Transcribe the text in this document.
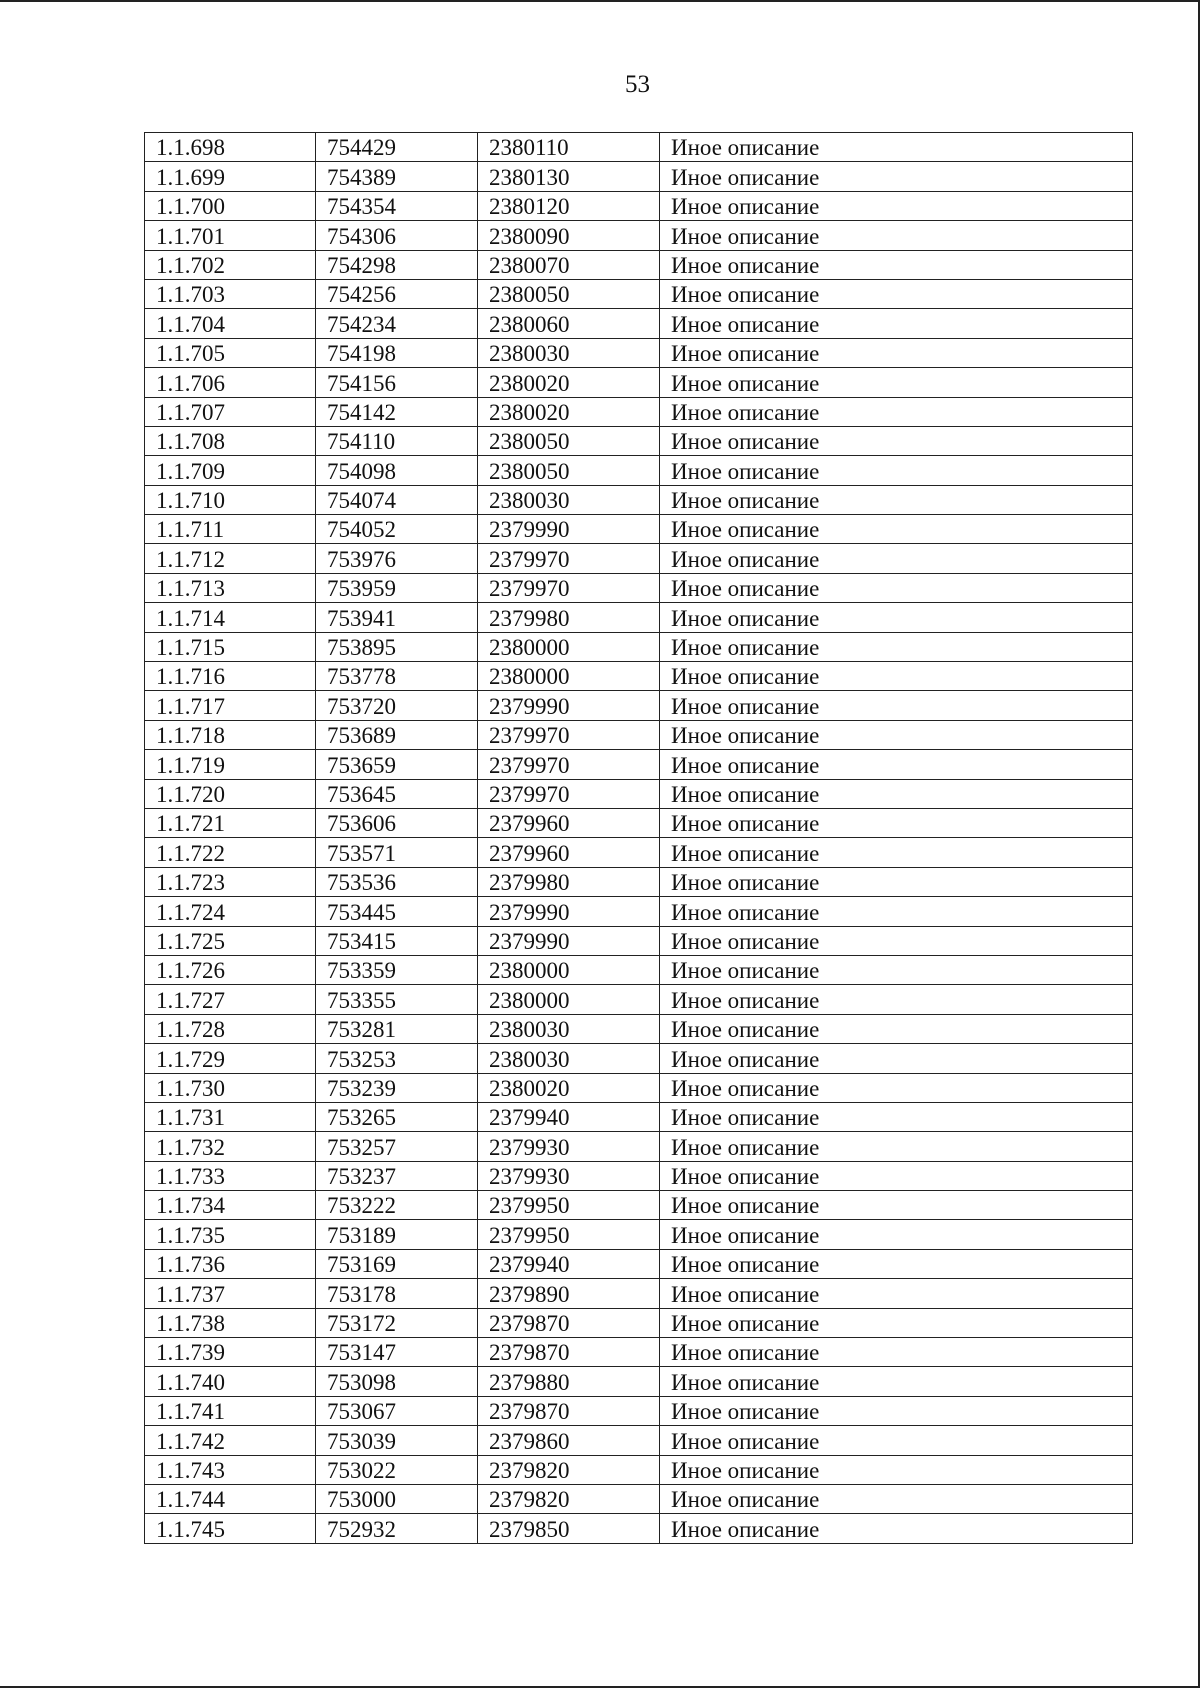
53
1.1.698	754429	2380110	Иное описание
1.1.699	754389	2380130	Иное описание
1.1.700	754354	2380120	Иное описание
1.1.701	754306	2380090	Иное описание
1.1.702	754298	2380070	Иное описание
1.1.703	754256	2380050	Иное описание
1.1.704	754234	2380060	Иное описание
1.1.705	754198	2380030	Иное описание
1.1.706	754156	2380020	Иное описание
1.1.707	754142	2380020	Иное описание
1.1.708	754110	2380050	Иное описание
1.1.709	754098	2380050	Иное описание
1.1.710	754074	2380030	Иное описание
1.1.711	754052	2379990	Иное описание
1.1.712	753976	2379970	Иное описание
1.1.713	753959	2379970	Иное описание
1.1.714	753941	2379980	Иное описание
1.1.715	753895	2380000	Иное описание
1.1.716	753778	2380000	Иное описание
1.1.717	753720	2379990	Иное описание
1.1.718	753689	2379970	Иное описание
1.1.719	753659	2379970	Иное описание
1.1.720	753645	2379970	Иное описание
1.1.721	753606	2379960	Иное описание
1.1.722	753571	2379960	Иное описание
1.1.723	753536	2379980	Иное описание
1.1.724	753445	2379990	Иное описание
1.1.725	753415	2379990	Иное описание
1.1.726	753359	2380000	Иное описание
1.1.727	753355	2380000	Иное описание
1.1.728	753281	2380030	Иное описание
1.1.729	753253	2380030	Иное описание
1.1.730	753239	2380020	Иное описание
1.1.731	753265	2379940	Иное описание
1.1.732	753257	2379930	Иное описание
1.1.733	753237	2379930	Иное описание
1.1.734	753222	2379950	Иное описание
1.1.735	753189	2379950	Иное описание
1.1.736	753169	2379940	Иное описание
1.1.737	753178	2379890	Иное описание
1.1.738	753172	2379870	Иное описание
1.1.739	753147	2379870	Иное описание
1.1.740	753098	2379880	Иное описание
1.1.741	753067	2379870	Иное описание
1.1.742	753039	2379860	Иное описание
1.1.743	753022	2379820	Иное описание
1.1.744	753000	2379820	Иное описание
1.1.745	752932	2379850	Иное описание
